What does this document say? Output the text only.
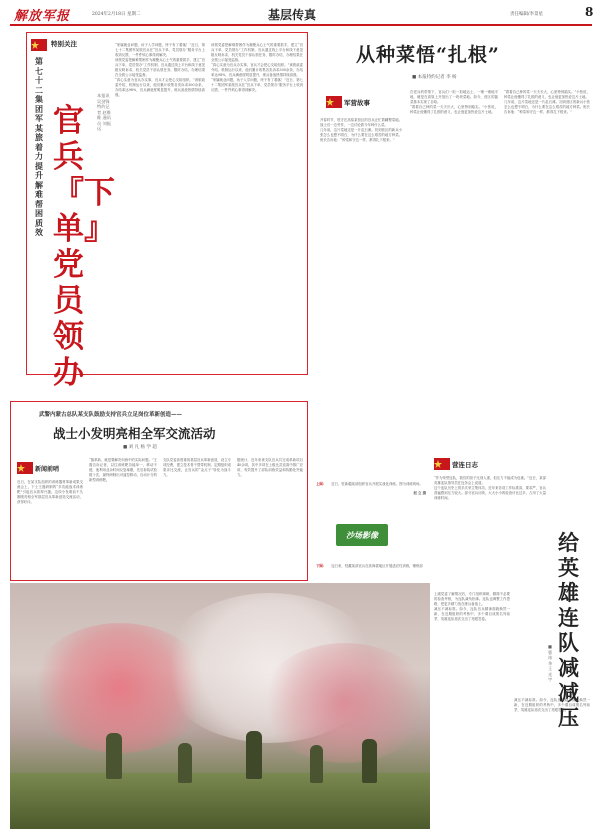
解放军报	2024年2月18日 星期二	基层传真	责任编辑/李景星	8
特别关注
第七十二集团军某旅着力提升解难帮困质效
官兵『下单』 党员领办
本报讯 吴劲锋 特约记者 赵维维 通讯员 刘振远

“家属就业问题、孩子入学问题，终于有了着落！”近日，第七十二集团军某旅官兵在“官兵下单、党员领办”服务平台上收到反馈，一件件烦心事得到解决。

该旅党委把解难帮困作为凝聚兵心士气的重要抓手，建立“官兵下单、党员领办”工作机制，官兵通过线上平台和线下意见箱反映诉求，机关党员干部认领任务、限时办结，办理结果在全旅公示接受监督。

“真心实意为官兵办实事，官兵才会把心交给组织。”该旅政委介绍，机制运行以来，他们累计收集各类诉求300余条，办结率达98%，官兵满意度明显提升，练兵备战热情持续高涨。

该旅党委把解难帮困作为凝聚兵心士气的重要抓手，建立“官兵下单、党员领办”工作机制，官兵通过线上平台和线下意见箱反映诉求，机关党员干部认领任务、限时办结，办理结果在全旅公示接受监督。

“真心实意为官兵办实事，官兵才会把心交给组织。”该旅政委介绍，机制运行以来，他们累计收集各类诉求300余条，办结率达98%，官兵满意度明显提升，练兵备战热情持续高涨。

“家属就业问题、孩子入学问题，终于有了着落！”近日，第七十二集团军某旅官兵在“官兵下单、党员领办”服务平台上收到反馈，一件件烦心事得到解决。

从种菜悟“扎根”
■ 本报特约记者 李 杨
军营故事

开春时节，驻守在高原某营区的官兵正忙着翻整菜地。战士们一边劳作，一边讨论着今年种什么菜。

几年前，这片菜地还是一片乱石滩。初到营区的新兵小张怎么也想不明白，为什么要在这么艰苦的地方种菜。班长告诉他：“种菜和守边一样，都得扎下根来。”

在老兵的带领下，官兵们一担一担地运土、一锹一锹地平地，硬是在高原上开垦出了一块块菜地。如今，营区的蔬菜基本实现了自给。

“看着自己种的菜一天天长大，心里特别踏实。”小张说，种菜让他懂得了扎根的意义，也让他更加热爱这片土地。

“看着自己种的菜一天天长大，心里特别踏实。”小张说，种菜让他懂得了扎根的意义，也让他更加热爱这片土地。

几年前，这片菜地还是一片乱石滩。初到营区的新兵小张怎么也想不明白，为什么要在这么艰苦的地方种菜。班长告诉他：“种菜和守边一样，都得扎下根来。”

武警内蒙古总队某支队鼓励支持官兵立足岗位革新创造——
战士小发明亮相全军交流活动
■ 刘 凡 杨 学 超
新闻前哨

近日，在某支队组织的训练器材革新成果交流会上，下士王磊研制的“多功能战术训练靶”引起官兵浓厚兴趣。这项小发明前不久刚刚亮相全军基层官兵革新创造交流活动，获得好评。

“搞革新，就是要解决训练中的实际问题。”王磊告诉记者，以往训练靶功能单一、移动不便，他利用业余时间反复琢磨，先后拆装试验数十次，最终研制出可遥控移动、自动计分的新型训练靶。

支队党委高度重视基层官兵革新创造，设立专项经费，建立技术骨干帮带机制，定期组织成果评比交流，让官兵的“金点子”转化为战斗力。

据统计，近年来该支队官兵共完成革新项目40余项，其中多项在上级比武竞赛中推广应用，有效提升了部队训练效益和执勤处突能力。

上图： 近日，驻新疆某部组织官兵开展实战化训练。图为训练现场。
赵 立 摄
沙场影像
下图： 连日来，驻藏某部官兵在高海拔地区开展适应性训练，锤炼部
营连日志

“作为荣誉连队，我们的担子比别人重，但压力不能成为包袱。”近日，某部英雄连队指导员在连务会上说道。

这个连队历史上曾多次荣立集体功，近年来各项工作标准高、要求严，官兵普遍感到压力较大。部分官兵反映，大大小小的检查评比过多，占用了大量训练时间。

给英雄连队减减压
■ 曹 冰 华 王 光 宇

上级党委了解情况后，专门组织调研，精简不必要的检查考核，为连队减负松绑。连队也调整工作思路，把更多精力放在练兵备战上。

减压不减标准。如今，连队官兵精神面貌焕然一新，在近期组织的考核中，多个课目成绩名列前茅，英雄连队再次交出了亮眼答卷。

减压不减标准。如今，连队官兵精神面貌焕然一新，在近期组织的考核中，多个课目成绩名列前茅，英雄连队再次交出了亮眼答卷。
